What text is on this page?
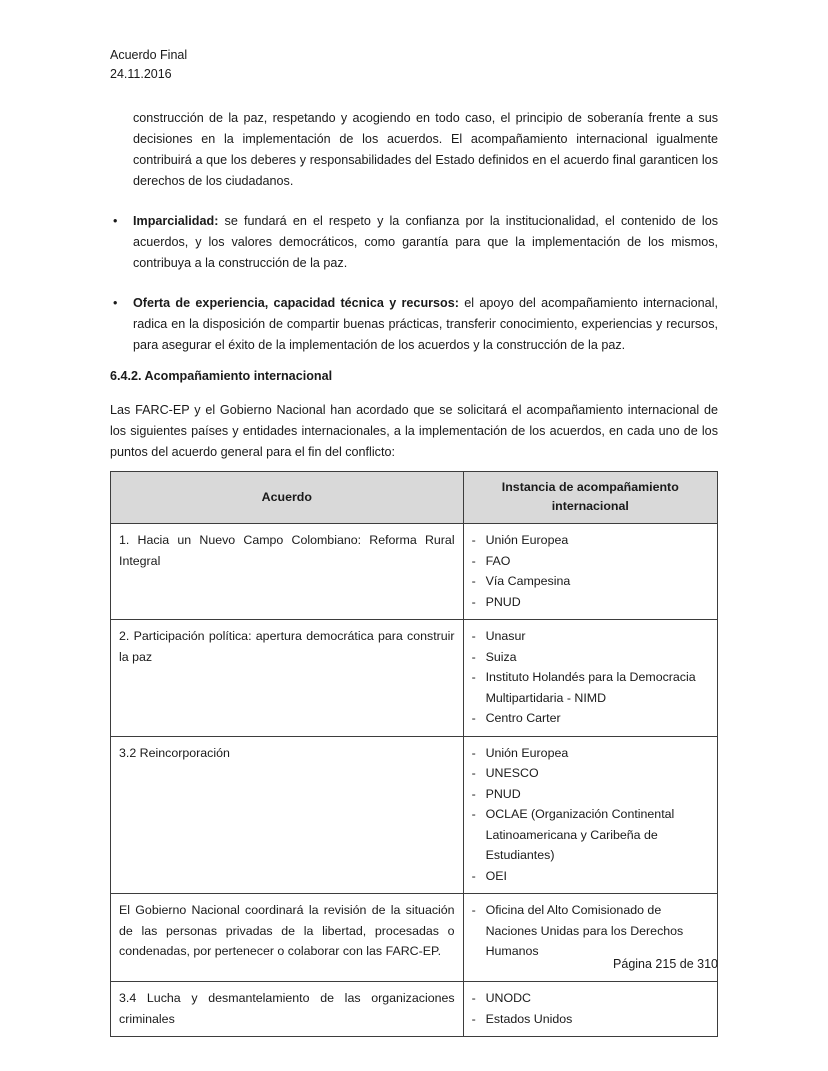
Acuerdo Final
24.11.2016

construcción de la paz, respetando y acogiendo en todo caso, el principio de soberanía frente a sus decisiones en la implementación de los acuerdos. El acompañamiento internacional igualmente contribuirá a que los deberes y responsabilidades del Estado definidos en el acuerdo final garanticen los derechos de los ciudadanos.

• Imparcialidad: se fundará en el respeto y la confianza por la institucionalidad, el contenido de los acuerdos, y los valores democráticos, como garantía para que la implementación de los mismos, contribuya a la construcción de la paz.
• Oferta de experiencia, capacidad técnica y recursos: el apoyo del acompañamiento internacional, radica en la disposición de compartir buenas prácticas, transferir conocimiento, experiencias y recursos, para asegurar el éxito de la implementación de los acuerdos y la construcción de la paz.
6.4.2. Acompañamiento internacional
Las FARC-EP y el Gobierno Nacional han acordado que se solicitará el acompañamiento internacional de los siguientes países y entidades internacionales, a la implementación de los acuerdos, en cada uno de los puntos del acuerdo general para el fin del conflicto:
Acuerdo	Instancia de acompañamiento internacional
1. Hacia un Nuevo Campo Colombiano: Reforma Rural Integral	
- Unión Europea
- FAO
- Vía Campesina
- PNUD

2. Participación política: apertura democrática para construir la paz	
- Unasur
- Suiza
- Instituto Holandés para la Democracia Multipartidaria - NIMD
- Centro Carter

3.2 Reincorporación	
-Unión Europea
- UNESCO
- PNUD
- OCLAE (Organización Continental Latinoamericana y Caribeña de Estudiantes)
- OEI

El Gobierno Nacional coordinará la revisión de la situación de las personas privadas de la libertad, procesadas o condenadas, por pertenecer o colaborar con las FARC-EP.	
- Oficina del Alto Comisionado de Naciones Unidas para los Derechos Humanos

3.4 Lucha y desmantelamiento de las organizaciones criminales	
- UNODC
- Estados Unidos
Página 215 de 310
